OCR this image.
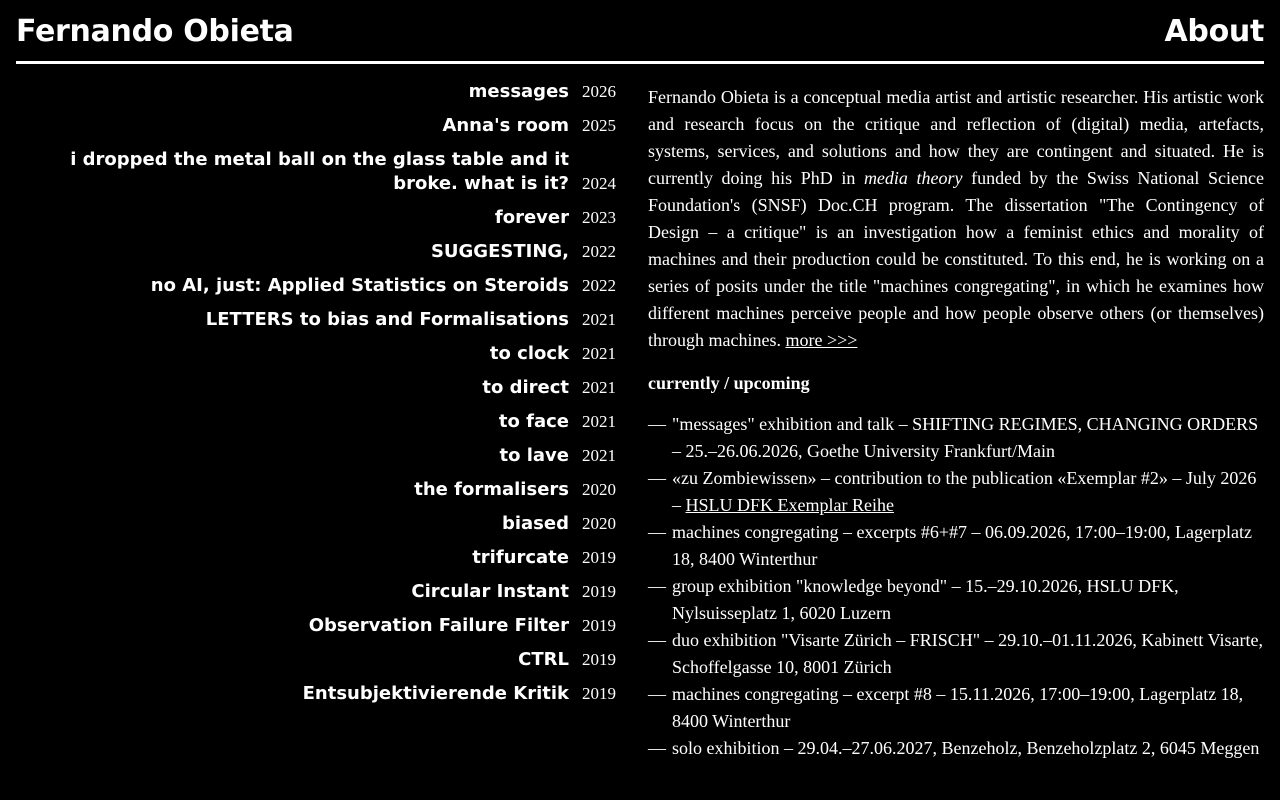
Fernando Obieta	About
messages 2026
Anna's room 2025
i dropped the metal ball on the glass table and it broke. what is it? 2024
forever 2023
SUGGESTING, 2022
no AI, just: Applied Statistics on Steroids 2022
LETTERS to bias and Formalisations 2021
to clock 2021
to direct 2021
to face 2021
to lave 2021
the formalisers 2020
biased 2020
trifurcate 2019
Circular Instant 2019
Observation Failure Filter 2019
CTRL 2019
Entsubjektivierende Kritik 2019

Fernando Obieta is a conceptual media artist and artistic researcher. His artistic work and research focus on the critique and reflection of (digital) media, artefacts, systems, services, and solutions and how they are contingent and situated. He is currently doing his PhD in media theory funded by the Swiss National Science Foundation's (SNSF) Doc.CH program. The dissertation "The Contingency of Design – a critique" is an investigation how a feminist ethics and morality of machines and their production could be constituted. To this end, he is working on a series of posits under the title "machines congregating", in which he examines how different machines perceive people and how people observe others (or themselves) through machines. more >>>

currently / upcoming
— "messages" exhibition and talk – SHIFTING REGIMES, CHANGING ORDERS – 25.–26.06.2026, Goethe University Frankfurt/Main
— «zu Zombiewissen» – contribution to the publication «Exemplar #2» – July 2026 – HSLU DFK Exemplar Reihe
— machines congregating – excerpts #6+#7 – 06.09.2026, 17:00–19:00, Lagerplatz 18, 8400 Winterthur
— group exhibition "knowledge beyond" – 15.–29.10.2026, HSLU DFK, Nylsuisseplatz 1, 6020 Luzern
— duo exhibition "Visarte Zürich – FRISCH" – 29.10.–01.11.2026, Kabinett Visarte, Schoffelgasse 10, 8001 Zürich
— machines congregating – excerpt #8 – 15.11.2026, 17:00–19:00, Lagerplatz 18, 8400 Winterthur
— solo exhibition – 29.04.–27.06.2027, Benzeholz, Benzeholzplatz 2, 6045 Meggen
